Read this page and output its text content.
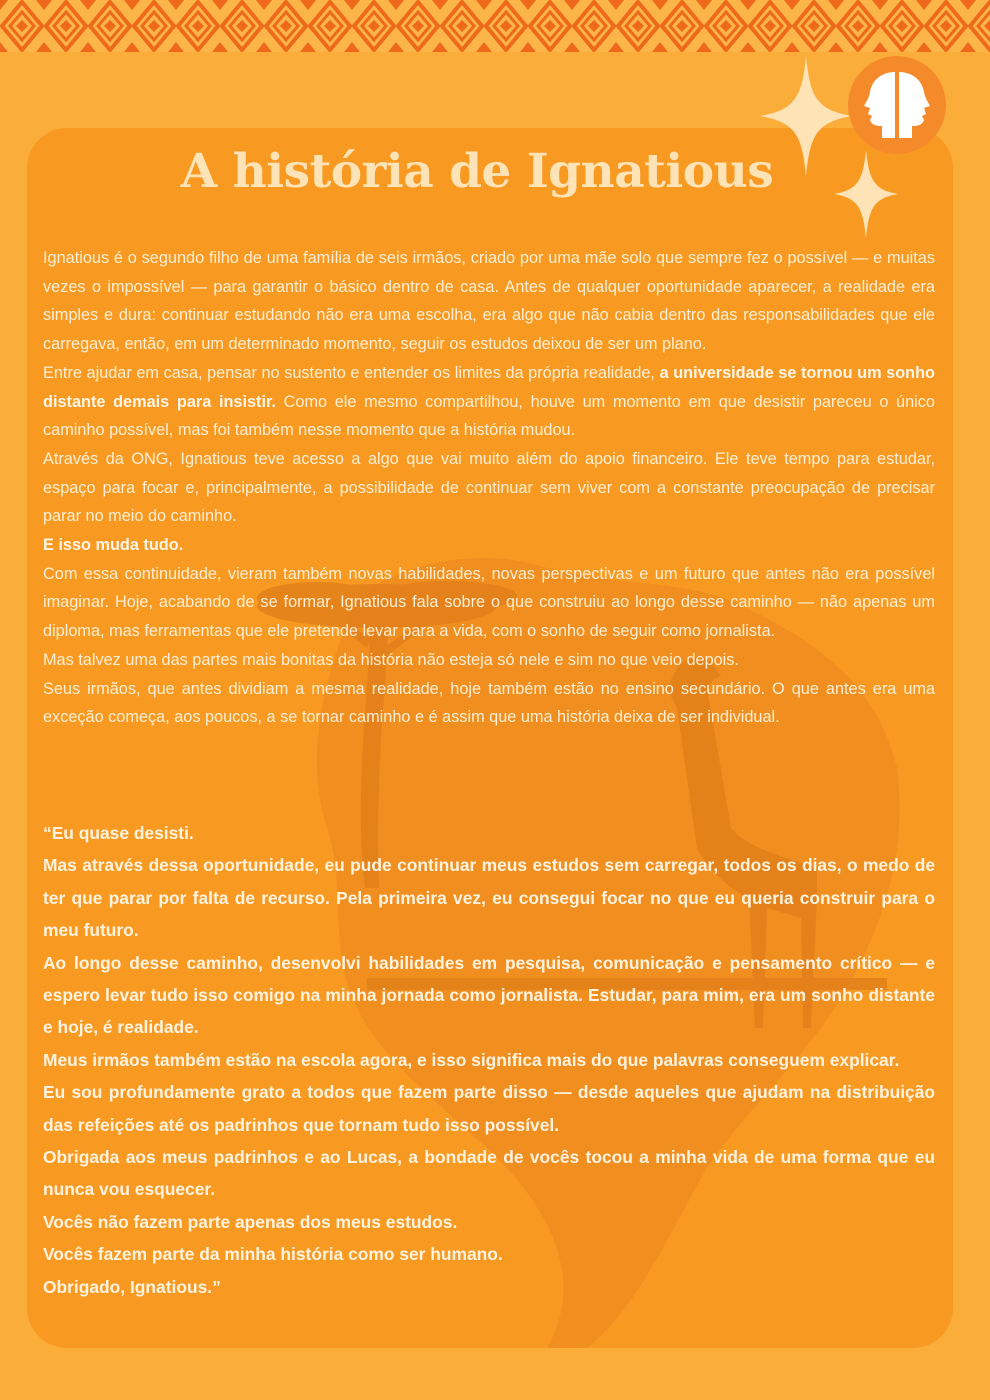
A história de Ignatious

Ignatious é o segundo filho de uma família de seis irmãos, criado por uma mãe solo que sempre fez o possível — e muitas vezes o impossível — para garantir o básico dentro de casa. Antes de qualquer oportunidade aparecer, a realidade era simples e dura: continuar estudando não era uma escolha, era algo que não cabia dentro das responsabilidades que ele carregava, então, em um determinado momento, seguir os estudos deixou de ser um plano.

Entre ajudar em casa, pensar no sustento e entender os limites da própria realidade, a universidade se tornou um sonho distante demais para insistir. Como ele mesmo compartilhou, houve um momento em que desistir pareceu o único caminho possível, mas foi também nesse momento que a história mudou.

Através da ONG, Ignatious teve acesso a algo que vai muito além do apoio financeiro. Ele teve tempo para estudar, espaço para focar e, principalmente, a possibilidade de continuar sem viver com a constante preocupação de precisar parar no meio do caminho.

E isso muda tudo.

Com essa continuidade, vieram também novas habilidades, novas perspectivas e um futuro que antes não era possível imaginar. Hoje, acabando de se formar, Ignatious fala sobre o que construiu ao longo desse caminho — não apenas um diploma, mas ferramentas que ele pretende levar para a vida, com o sonho de seguir como jornalista.

Mas talvez uma das partes mais bonitas da história não esteja só nele e sim no que veio depois.

Seus irmãos, que antes dividiam a mesma realidade, hoje também estão no ensino secundário. O que antes era uma exceção começa, aos poucos, a se tornar caminho e é assim que uma história deixa de ser individual.

“Eu quase desisti.

Mas através dessa oportunidade, eu pude continuar meus estudos sem carregar, todos os dias, o medo de ter que parar por falta de recurso. Pela primeira vez, eu consegui focar no que eu queria construir para o meu futuro.

Ao longo desse caminho, desenvolvi habilidades em pesquisa, comunicação e pensamento crítico — e espero levar tudo isso comigo na minha jornada como jornalista. Estudar, para mim, era um sonho distante e hoje, é realidade.

Meus irmãos também estão na escola agora, e isso significa mais do que palavras conseguem explicar.

Eu sou profundamente grato a todos que fazem parte disso — desde aqueles que ajudam na distribuição das refeições até os padrinhos que tornam tudo isso possível.

Obrigada aos meus padrinhos e ao Lucas, a bondade de vocês tocou a minha vida de uma forma que eu nunca vou esquecer.

Vocês não fazem parte apenas dos meus estudos.

Vocês fazem parte da minha história como ser humano.

Obrigado, Ignatious.”
